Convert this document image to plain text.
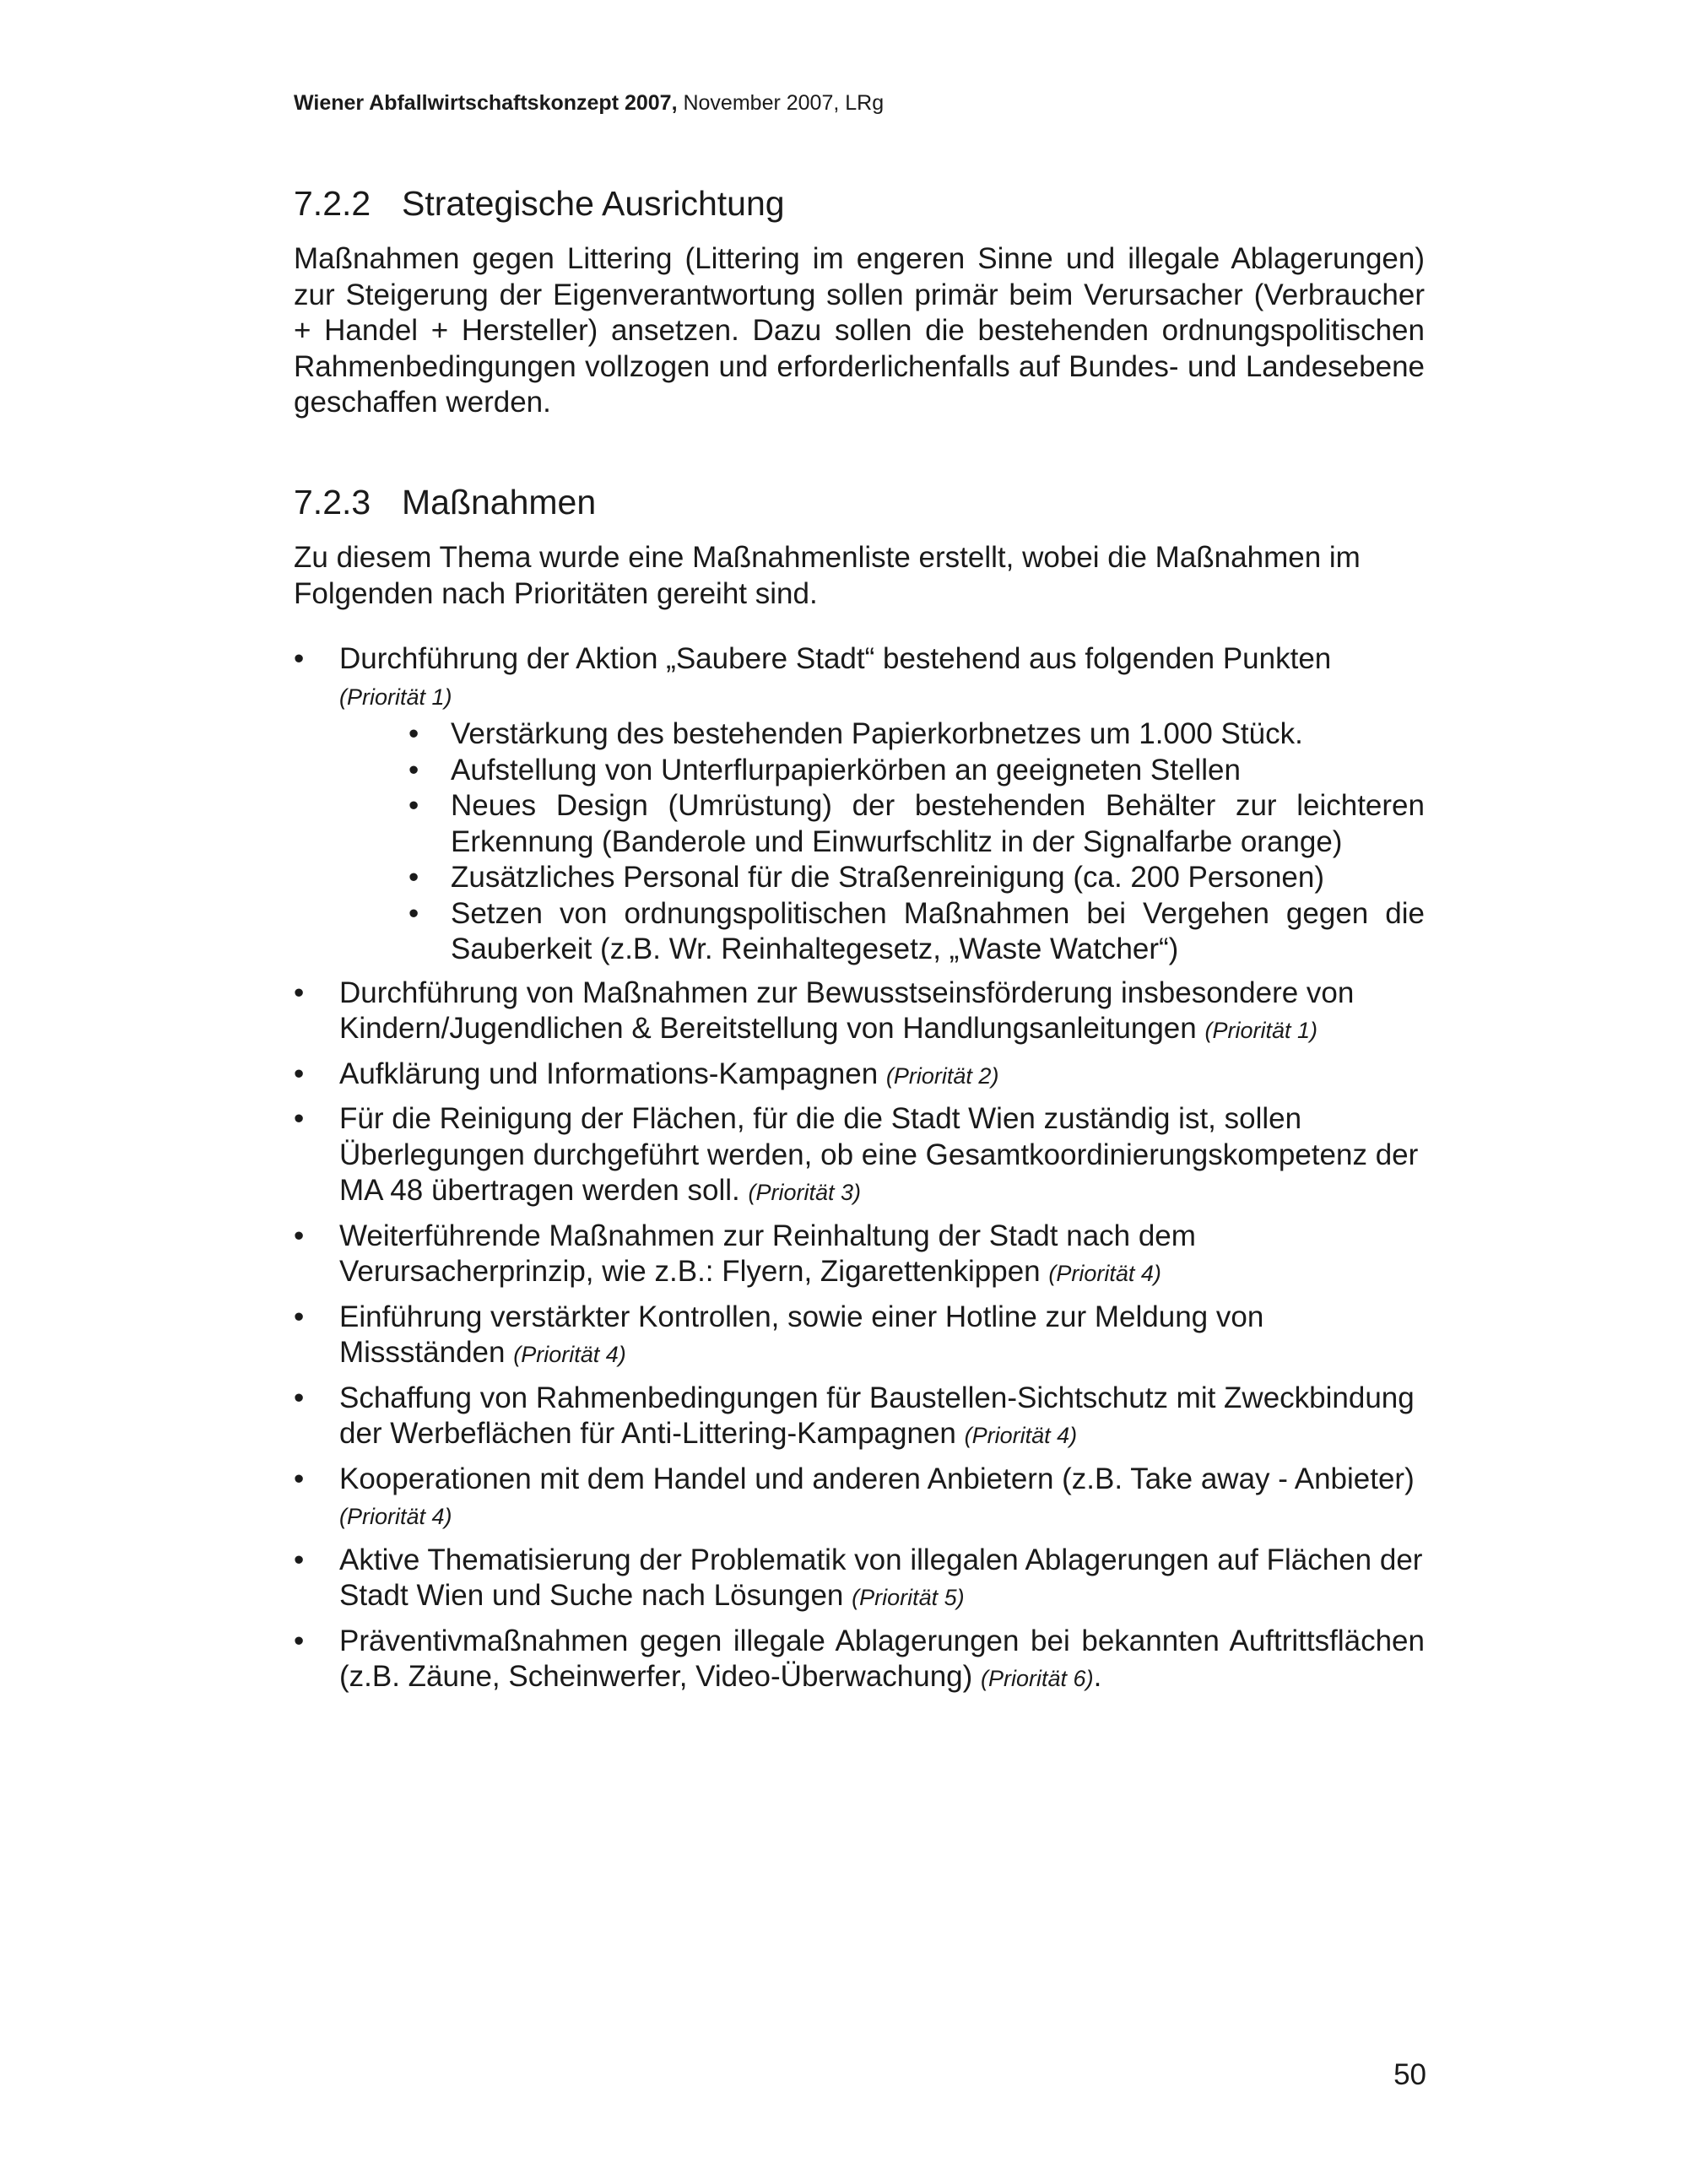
Wiener Abfallwirtschaftskonzept 2007, November 2007, LRg
7.2.2 Strategische Ausrichtung
Maßnahmen gegen Littering (Littering im engeren Sinne und illegale Ablagerungen) zur Steigerung der Eigenverantwortung sollen primär beim Verursacher (Verbraucher + Handel + Hersteller) ansetzen. Dazu sollen die bestehenden ordnungspolitischen Rahmenbedingungen vollzogen und erforderlichenfalls auf Bundes- und Landesebene geschaffen werden.
7.2.3 Maßnahmen
Zu diesem Thema wurde eine Maßnahmenliste erstellt, wobei die Maßnahmen im Folgenden nach Prioritäten gereiht sind.
• Durchführung der Aktion „Saubere Stadt“ bestehend aus folgenden Punkten
(Priorität 1)
• Verstärkung des bestehenden Papierkorbnetzes um 1.000 Stück.
• Aufstellung von Unterflurpapierkörben an geeigneten Stellen
• Neues Design (Umrüstung) der bestehenden Behälter zur leichteren Erkennung (Banderole und Einwurfschlitz in der Signalfarbe orange)
• Zusätzliches Personal für die Straßenreinigung (ca. 200 Personen)
• Setzen von ordnungspolitischen Maßnahmen bei Vergehen gegen die Sauberkeit (z.B. Wr. Reinhaltegesetz, „Waste Watcher“)
• Durchführung von Maßnahmen zur Bewusstseinsförderung insbesondere von Kindern/Jugendlichen & Bereitstellung von Handlungsanleitungen (Priorität 1)
• Aufklärung und Informations-Kampagnen (Priorität 2)
• Für die Reinigung der Flächen, für die die Stadt Wien zuständig ist, sollen Überlegungen durchgeführt werden, ob eine Gesamtkoordinierungskompetenz der MA 48 übertragen werden soll. (Priorität 3)
• Weiterführende Maßnahmen zur Reinhaltung der Stadt nach dem Verursacherprinzip, wie z.B.: Flyern, Zigarettenkippen (Priorität 4)
• Einführung verstärkter Kontrollen, sowie einer Hotline zur Meldung von Missständen (Priorität 4)
• Schaffung von Rahmenbedingungen für Baustellen-Sichtschutz mit Zweckbindung der Werbeflächen für Anti-Littering-Kampagnen (Priorität 4)
• Kooperationen mit dem Handel und anderen Anbietern (z.B. Take away - Anbieter) (Priorität 4)
• Aktive Thematisierung der Problematik von illegalen Ablagerungen auf Flächen der Stadt Wien und Suche nach Lösungen (Priorität 5)
• Präventivmaßnahmen gegen illegale Ablagerungen bei bekannten Auftrittsflächen (z.B. Zäune, Scheinwerfer, Video-Überwachung) (Priorität 6).
50
